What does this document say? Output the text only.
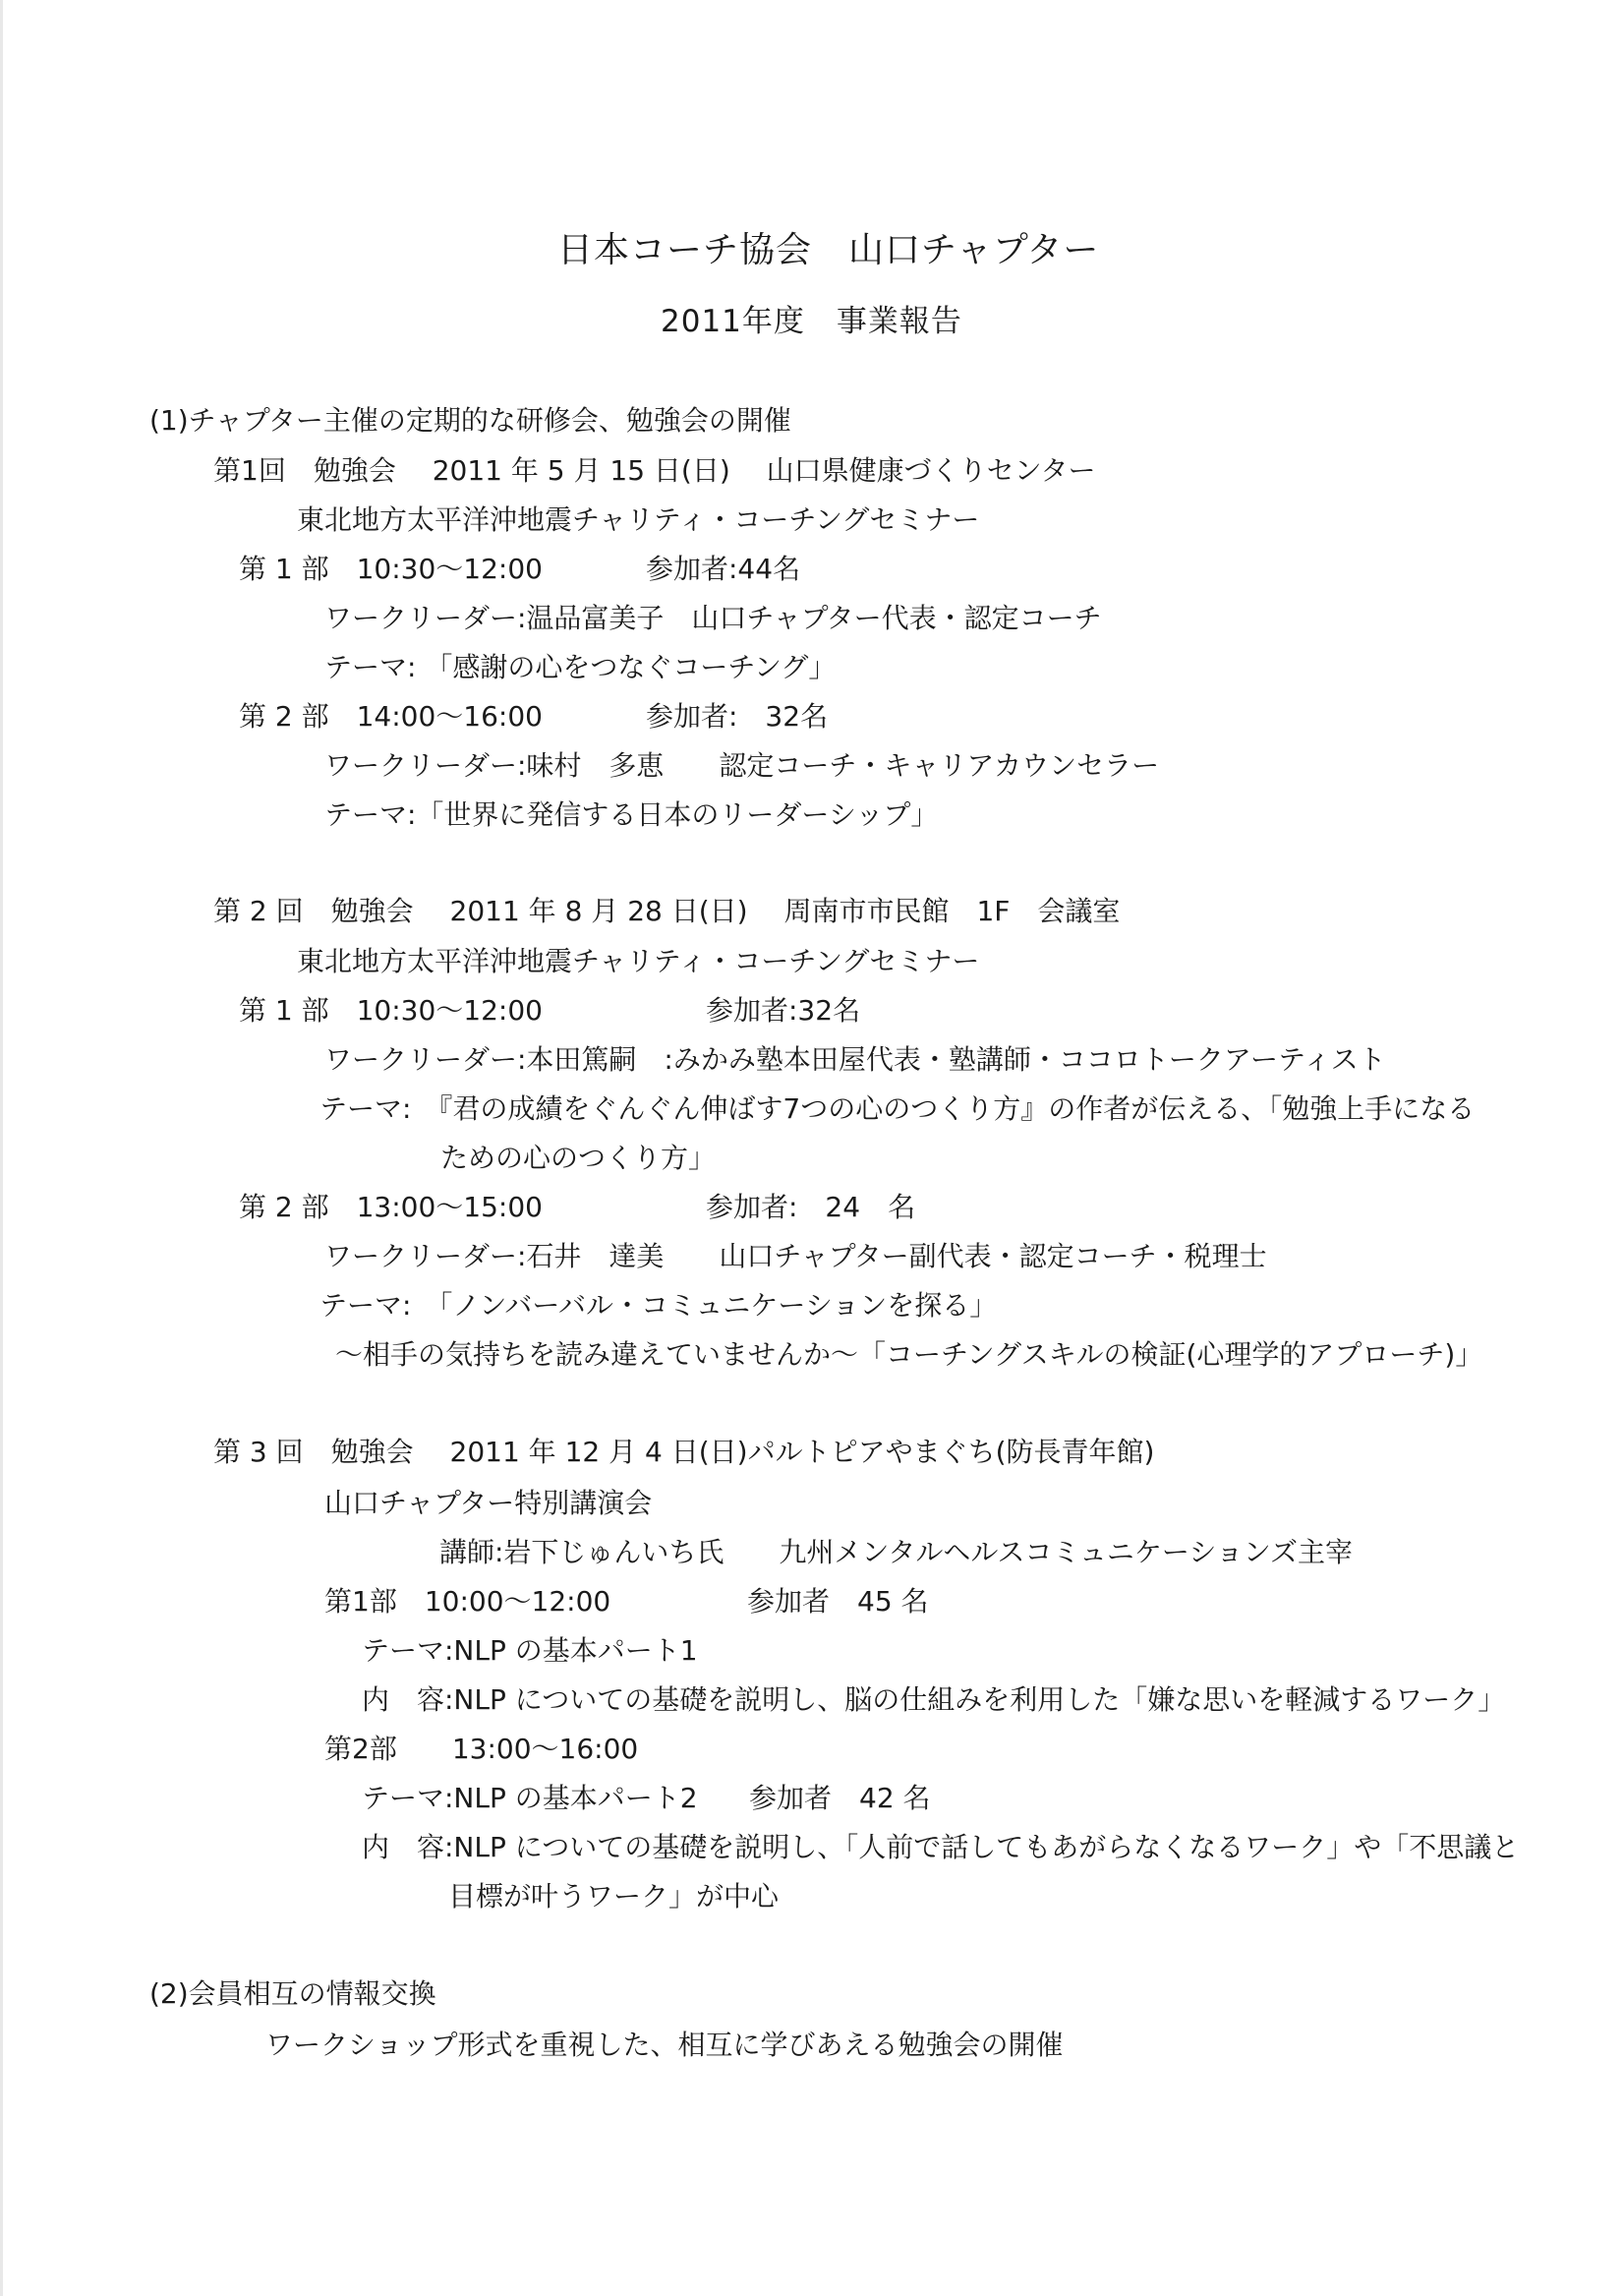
日本コーチ協会　山口チャプター
2011年度　事業報告
(1)チャプター主催の定期的な研修会、勉強会の開催
第1回　勉強会　 2011 年 5 月 15 日(日)　 山口県健康づくりセンター
東北地方太平洋沖地震チャリティ・コーチングセミナー
第 1 部　10:30～12:00	参加者:44名
ワークリーダー:温品富美子　山口チャプター代表・認定コーチ
テーマ: 「感謝の心をつなぐコーチング」
第 2 部　14:00～16:00	参加者:　32名
ワークリーダー:味村　多恵　　認定コーチ・キャリアカウンセラー
テーマ:「世界に発信する日本のリーダーシップ」
第 2 回　勉強会　 2011 年 8 月 28 日(日)　 周南市市民館　1F　会議室
東北地方太平洋沖地震チャリティ・コーチングセミナー
第 1 部　10:30～12:00	参加者:32名
ワークリーダー:本田篤嗣　:みかみ塾本田屋代表・塾講師・ココロトークアーティスト
テーマ:　『君の成績をぐんぐん伸ばす7つの心のつくり方』の作者が伝える、「勉強上手になる
ための心のつくり方」
第 2 部　13:00～15:00	参加者:　24　名
ワークリーダー:石井　達美　　山口チャプター副代表・認定コーチ・税理士
テーマ:　「ノンバーバル・コミュニケーションを探る」
～相手の気持ちを読み違えていませんか～「コーチングスキルの検証(心理学的アプローチ)」
第 3 回　勉強会　 2011 年 12 月 4 日(日)パルトピアやまぐち(防長青年館)
山口チャプター特別講演会
講師:岩下じゅんいち氏　　九州メンタルヘルスコミュニケーションズ主宰
第1部　10:00～12:00	参加者　45 名
テーマ:NLP の基本パート1
内　容:NLP についての基礎を説明し、脳の仕組みを利用した「嫌な思いを軽減するワーク」
第2部　　13:00～16:00
テーマ:NLP の基本パート2 参加者　42 名
内　容:NLP についての基礎を説明し、「人前で話してもあがらなくなるワーク」や「不思議と
目標が叶うワーク」が中心
(2)会員相互の情報交換
ワークショップ形式を重視した、相互に学びあえる勉強会の開催
